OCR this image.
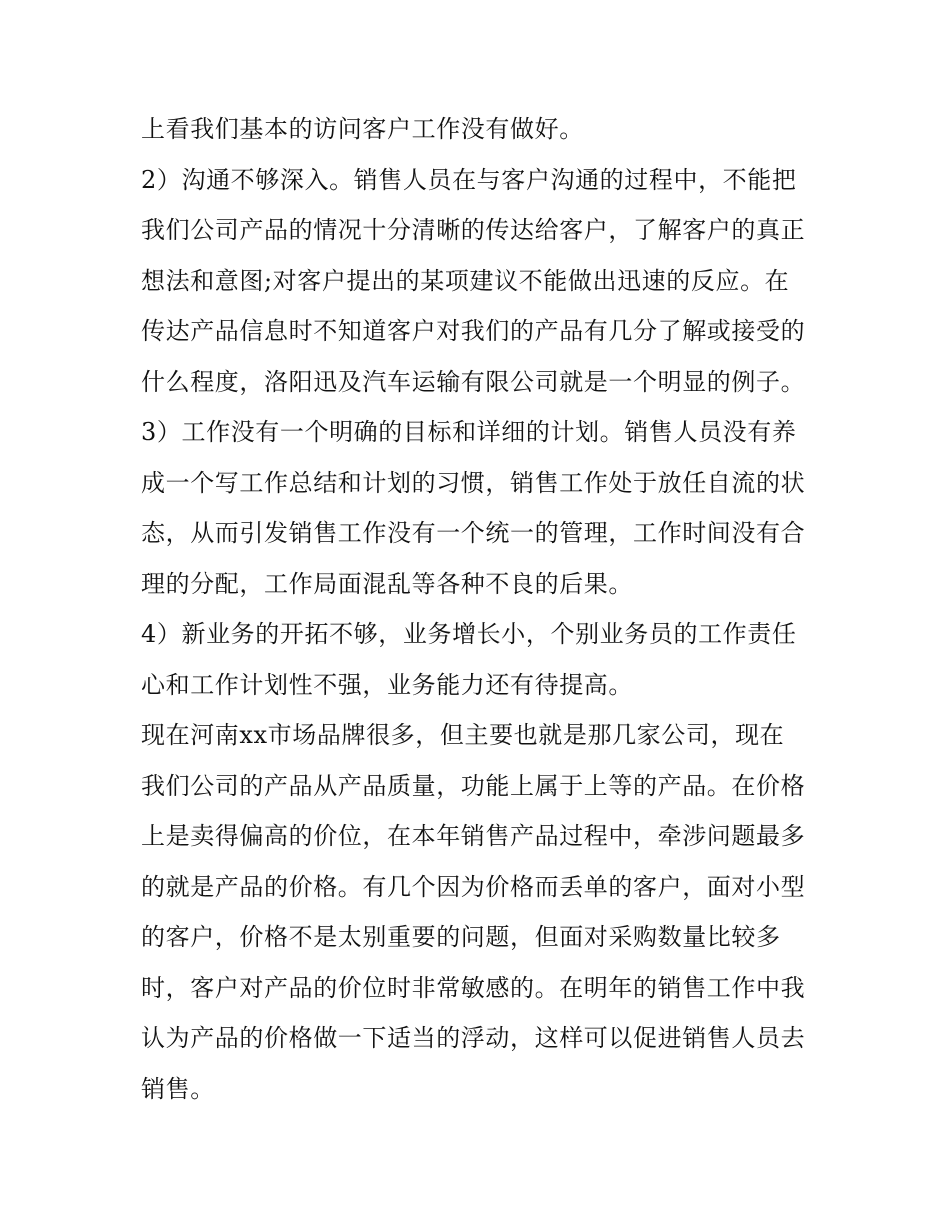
上看我们基本的访问客户工作没有做好。
2）沟通不够深入。销售人员在与客户沟通的过程中，不能把
我们公司产品的情况十分清晰的传达给客户，了解客户的真正
想法和意图;对客户提出的某项建议不能做出迅速的反应。在
传达产品信息时不知道客户对我们的产品有几分了解或接受的
什么程度，洛阳迅及汽车运输有限公司就是一个明显的例子。
3）工作没有一个明确的目标和详细的计划。销售人员没有养
成一个写工作总结和计划的习惯，销售工作处于放任自流的状
态，从而引发销售工作没有一个统一的管理，工作时间没有合
理的分配，工作局面混乱等各种不良的后果。
4）新业务的开拓不够，业务增长小，个别业务员的工作责任
心和工作计划性不强，业务能力还有待提高。
现在河南xx市场品牌很多，但主要也就是那几家公司，现在
我们公司的产品从产品质量，功能上属于上等的产品。在价格
上是卖得偏高的价位，在本年销售产品过程中，牵涉问题最多
的就是产品的价格。有几个因为价格而丢单的客户，面对小型
的客户，价格不是太别重要的问题，但面对采购数量比较多
时，客户对产品的价位时非常敏感的。在明年的销售工作中我
认为产品的价格做一下适当的浮动，这样可以促进销售人员去
销售。
